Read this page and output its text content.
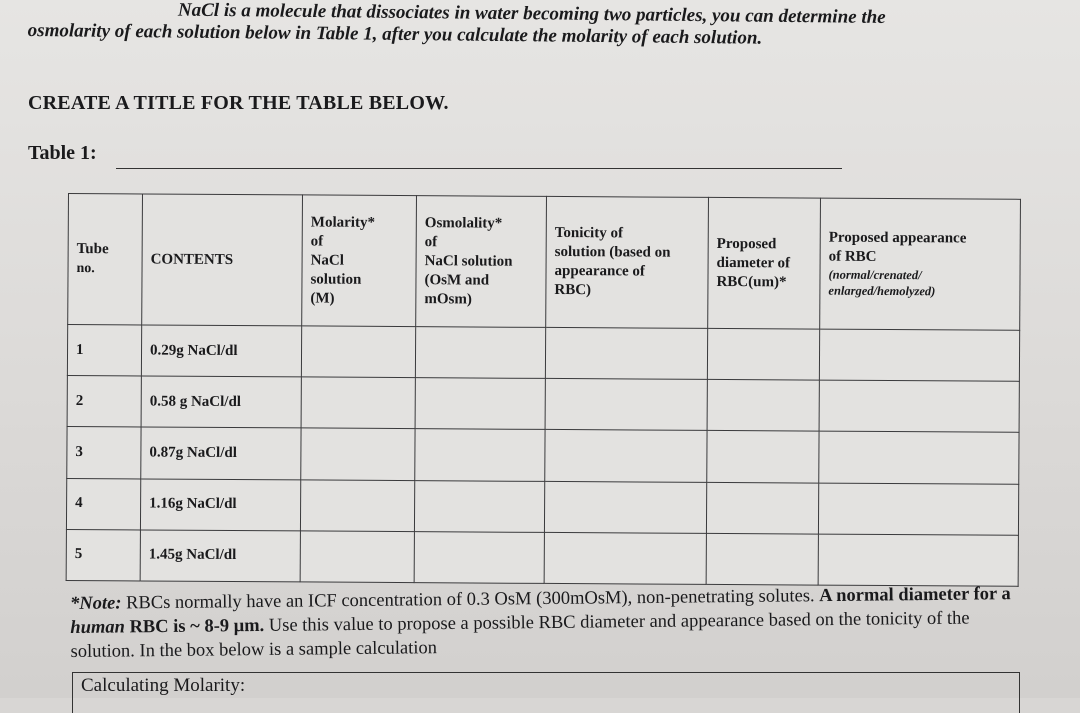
NaCl is a molecule that dissociates in water becoming two particles, you can determine the
osmolarity of each solution below in Table 1, after you calculate the molarity of each solution.
CREATE A TITLE FOR THE TABLE BELOW.
Table 1:
Tube
no.	CONTENTS	Molarity*
of
NaCl
solution
(M)	Osmolality*
of
NaCl solution
(OsM and
mOsm)	Tonicity of
solution (based on
appearance of
RBC)	Proposed
diameter of
RBC(um)*	Proposed appearance
of RBC
(normal/crenated/
enlarged/hemolyzed)

1	0.29g NaCl/dl					
2	0.58 g NaCl/dl					
3	0.87g NaCl/dl					
4	1.16g NaCl/dl					
5	1.45g NaCl/dl					
*Note: RBCs normally have an ICF concentration of 0.3 OsM (300mOsM), non-penetrating solutes. A normal diameter for a human RBC is ~ 8-9 μm. Use this value to propose a possible RBC diameter and appearance based on the tonicity of the solution. In the box below is a sample calculation
Calculating Molarity:
